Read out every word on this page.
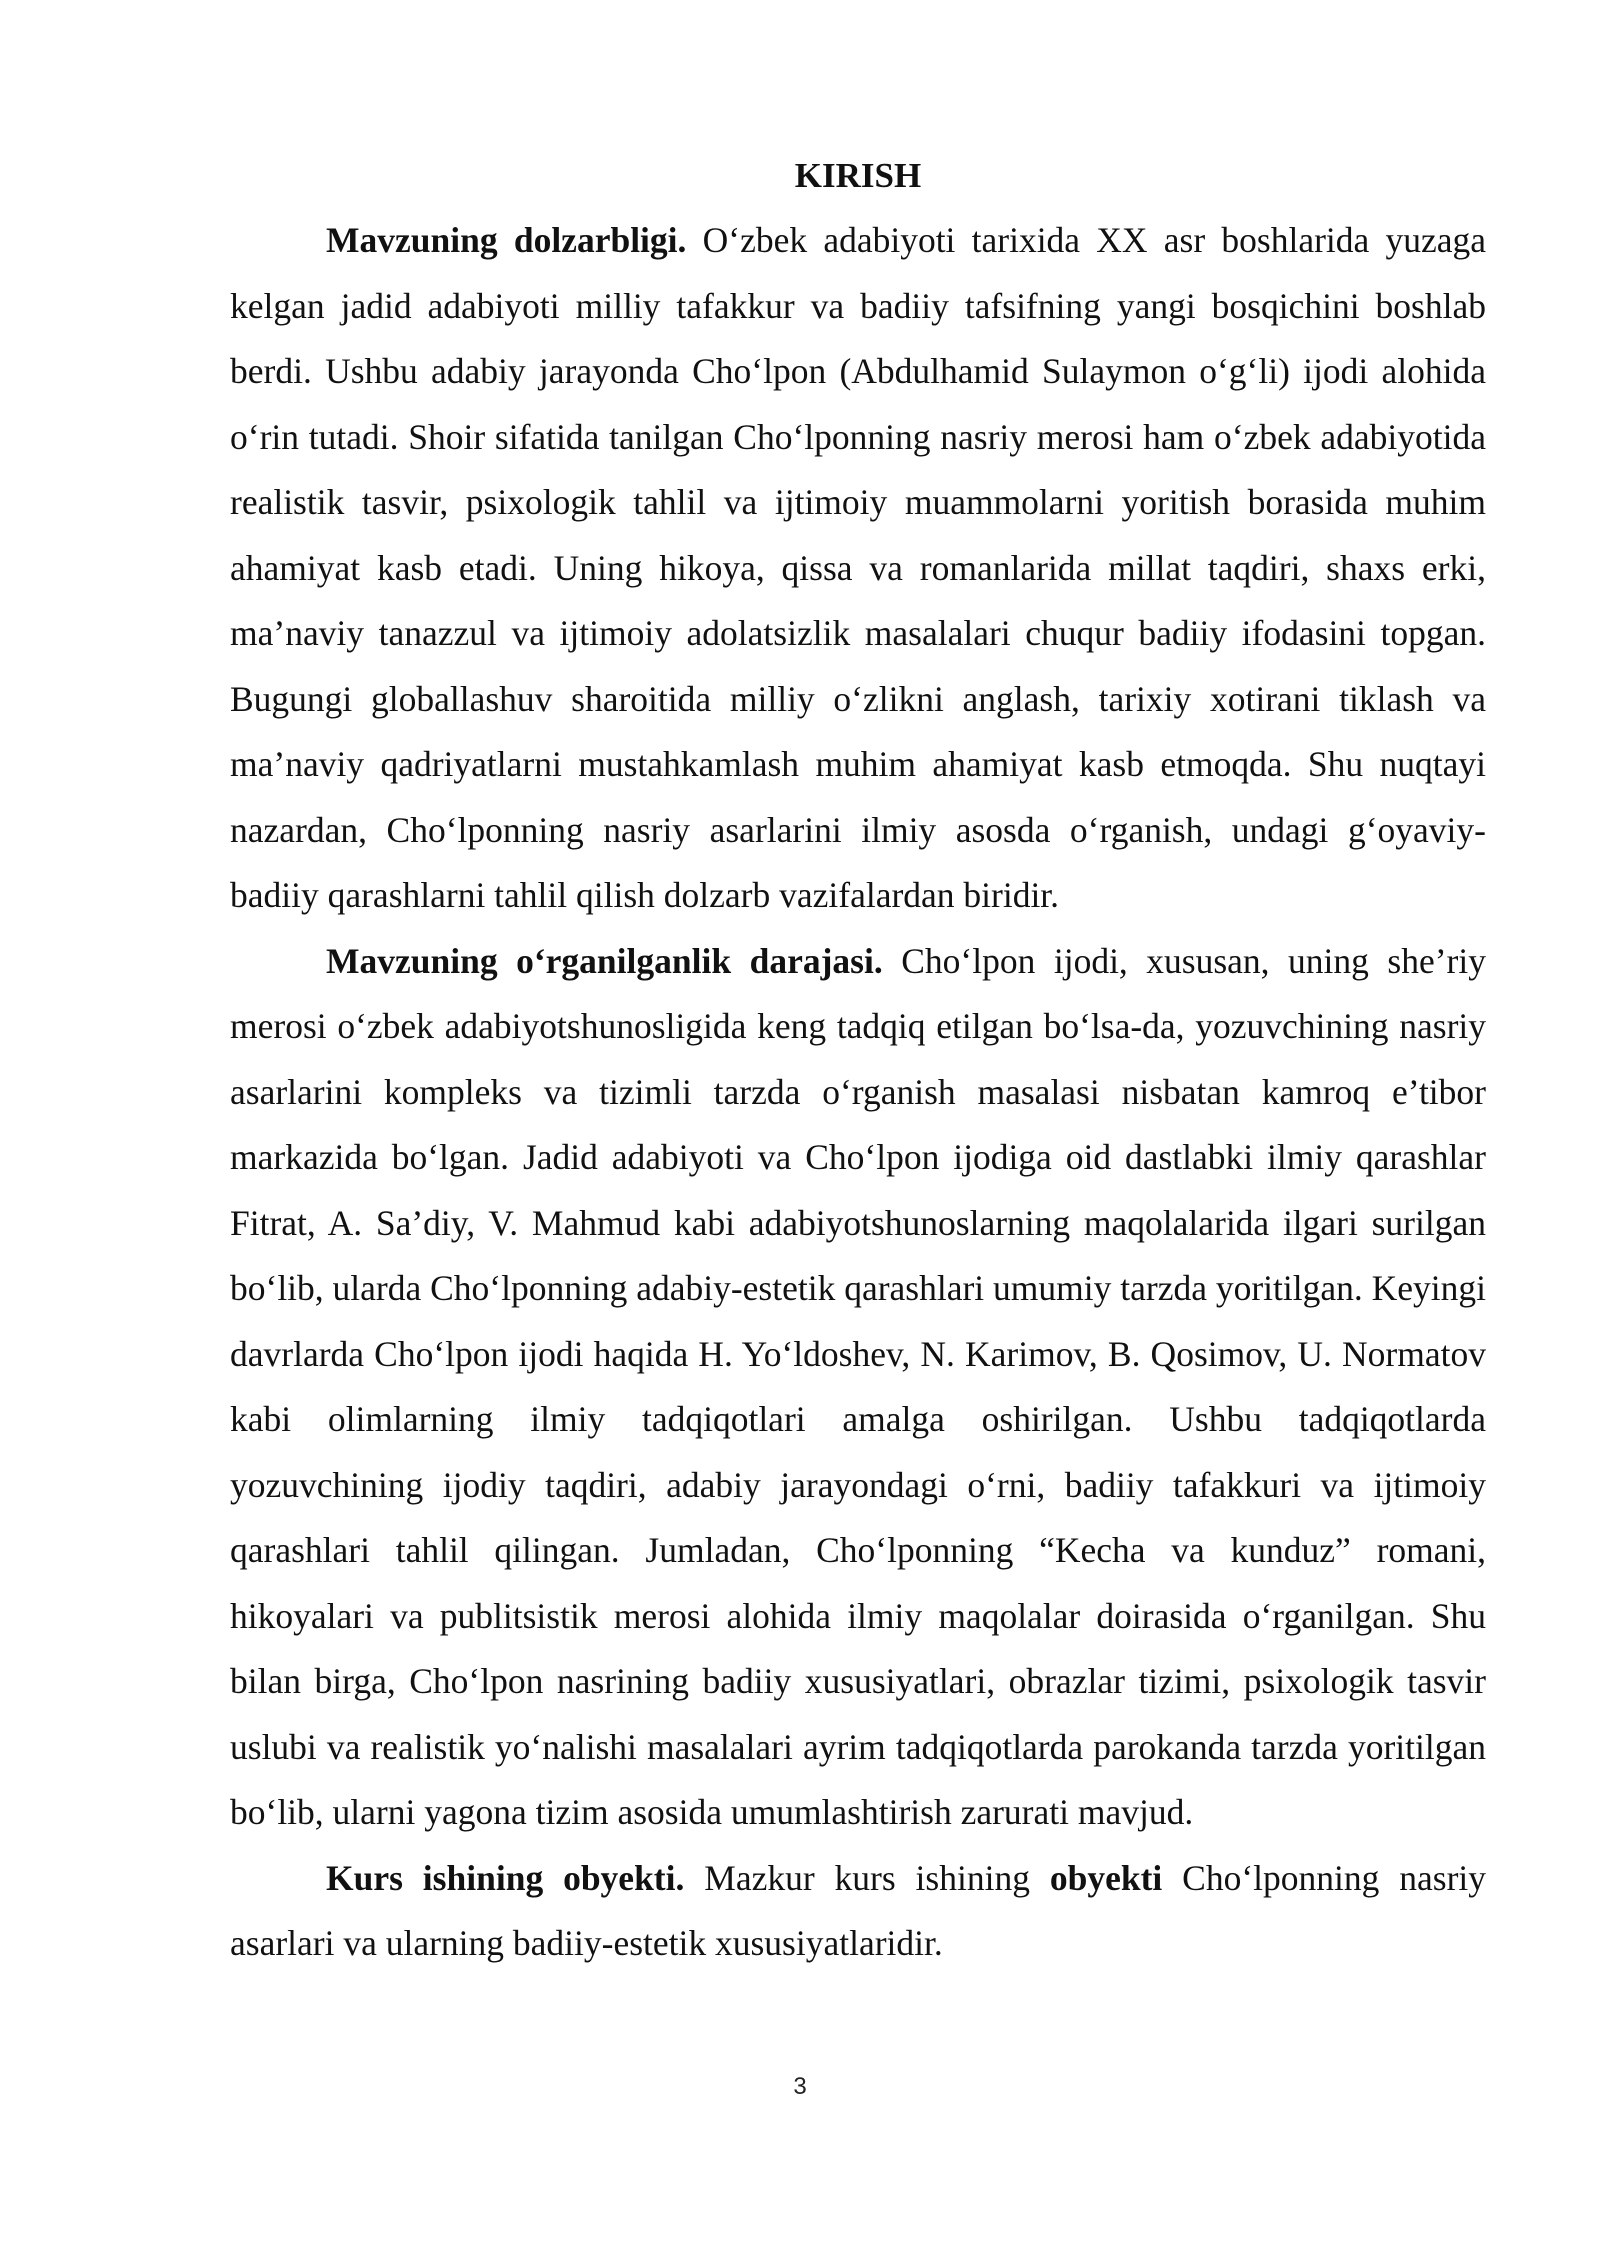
KIRISH

Mavzuning dolzarbligi. O‘zbek adabiyoti tarixida XX asr boshlarida yuzaga kelgan jadid adabiyoti milliy tafakkur va badiiy tafsifning yangi bosqichini boshlab berdi. Ushbu adabiy jarayonda Cho‘lpon (Abdulhamid Sulaymon o‘g‘li) ijodi alohida o‘rin tutadi. Shoir sifatida tanilgan Cho‘lponning nasriy merosi ham o‘zbek adabiyotida realistik tasvir, psixologik tahlil va ijtimoiy muammolarni yoritish borasida muhim ahamiyat kasb etadi. Uning hikoya, qissa va romanlarida millat taqdiri, shaxs erki, ma’naviy tanazzul va ijtimoiy adolatsizlik masalalari chuqur badiiy ifodasini topgan. Bugungi globallashuv sharoitida milliy o‘zlikni anglash, tarixiy xotirani tiklash va ma’naviy qadriyatlarni mustahkamlash muhim ahamiyat kasb etmoqda. Shu nuqtayi nazardan, Cho‘lponning nasriy asarlarini ilmiy asosda o‘rganish, undagi g‘oyaviy-badiiy qarashlarni tahlil qilish dolzarb vazifalardan biridir.

Mavzuning o‘rganilganlik darajasi. Cho‘lpon ijodi, xususan, uning she’riy merosi o‘zbek adabiyotshunosligida keng tadqiq etilgan bo‘lsa-da, yozuvchining nasriy asarlarini kompleks va tizimli tarzda o‘rganish masalasi nisbatan kamroq e’tibor markazida bo‘lgan. Jadid adabiyoti va Cho‘lpon ijodiga oid dastlabki ilmiy qarashlar Fitrat, A. Sa’diy, V. Mahmud kabi adabiyotshunoslarning maqolalarida ilgari surilgan bo‘lib, ularda Cho‘lponning adabiy-estetik qarashlari umumiy tarzda yoritilgan. Keyingi davrlarda Cho‘lpon ijodi haqida H. Yo‘ldoshev, N. Karimov, B. Qosimov, U. Normatov kabi olimlarning ilmiy tadqiqotlari amalga oshirilgan. Ushbu tadqiqotlarda yozuvchining ijodiy taqdiri, adabiy jarayondagi o‘rni, badiiy tafakkuri va ijtimoiy qarashlari tahlil qilingan. Jumladan, Cho‘lponning “Kecha va kunduz” romani, hikoyalari va publitsistik merosi alohida ilmiy maqolalar doirasida o‘rganilgan. Shu bilan birga, Cho‘lpon nasrining badiiy xususiyatlari, obrazlar tizimi, psixologik tasvir uslubi va realistik yo‘nalishi masalalari ayrim tadqiqotlarda parokanda tarzda yoritilgan bo‘lib, ularni yagona tizim asosida umumlashtirish zarurati mavjud.

Kurs ishining obyekti. Mazkur kurs ishining obyekti Cho‘lponning nasriy asarlari va ularning badiiy-estetik xususiyatlaridir.

3
